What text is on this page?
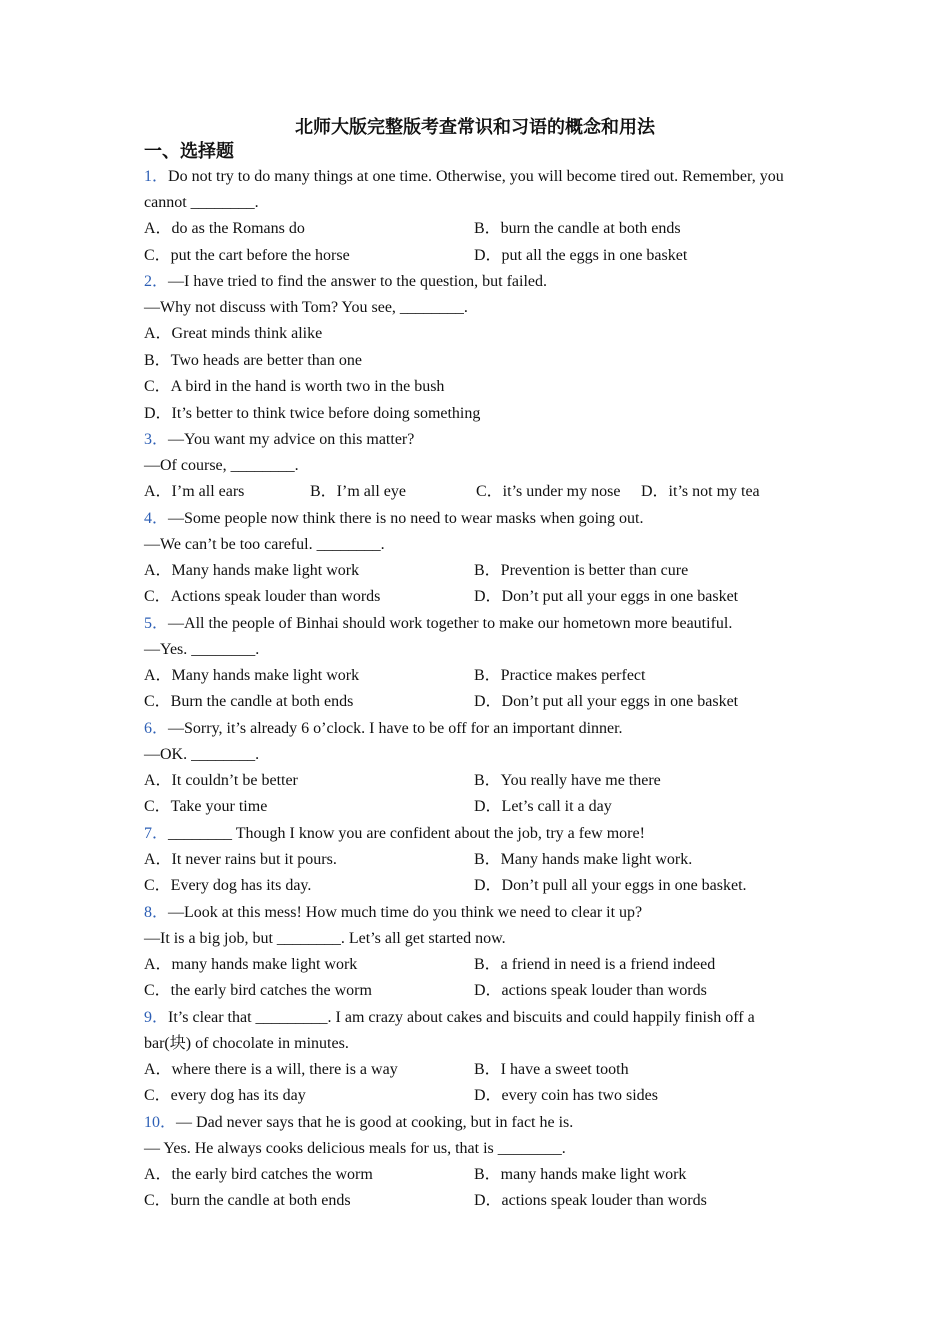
北师大版完整版考查常识和习语的概念和用法
一、选择题
1．Do not try to do many things at one time. Otherwise, you will become tired out. Remember, you cannot ________.
A．do as the Romans do	B．burn the candle at both ends
C．put the cart before the horse	D．put all the eggs in one basket
2．—I have tried to find the answer to the question, but failed.
—Why not discuss with Tom? You see, ________.
A．Great minds think alike
B．Two heads are better than one
C．A bird in the hand is worth two in the bush
D．It’s better to think twice before doing something
3．—You want my advice on this matter?
—Of course, ________.
A．I’m all ears	B．I’m all eye	C．it’s under my nose	D．it’s not my tea
4．—Some people now think there is no need to wear masks when going out.
—We can’t be too careful. ________.
A．Many hands make light work	B．Prevention is better than cure
C．Actions speak louder than words	D．Don’t put all your eggs in one basket
5．—All the people of Binhai should work together to make our hometown more beautiful.
—Yes. ________.
A．Many hands make light work	B．Practice makes perfect
C．Burn the candle at both ends	D．Don’t put all your eggs in one basket
6．—Sorry, it’s already 6 o’clock. I have to be off for an important dinner.
—OK. ________.
A．It couldn’t be better	B．You really have me there
C．Take your time	D．Let’s call it a day
7．________ Though I know you are confident about the job, try a few more!
A．It never rains but it pours.	B．Many hands make light work.
C．Every dog has its day.	D．Don’t pull all your eggs in one basket.
8．—Look at this mess! How much time do you think we need to clear it up?
—It is a big job, but ________. Let’s all get started now.
A．many hands make light work	B．a friend in need is a friend indeed
C．the early bird catches the worm	D．actions speak louder than words
9．It’s clear that _________. I am crazy about cakes and biscuits and could happily finish off a bar(块) of chocolate in minutes.
A．where there is a will, there is a way	B．I have a sweet tooth
C．every dog has its day	D．every coin has two sides
10．— Dad never says that he is good at cooking, but in fact he is.
— Yes. He always cooks delicious meals for us, that is ________.
A．the early bird catches the worm	B．many hands make light work
C．burn the candle at both ends	D．actions speak louder than words
